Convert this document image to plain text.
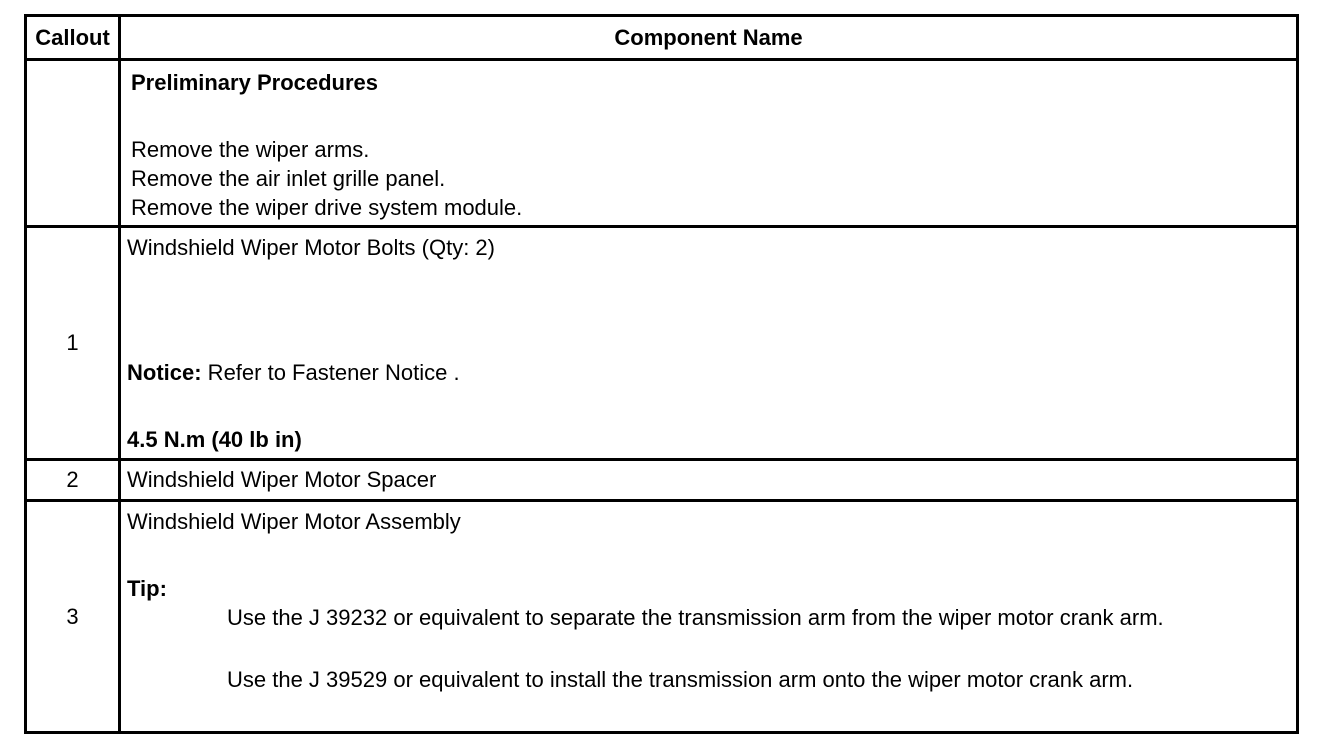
Callout	Component Name
Preliminary Procedures
Remove the wiper arms.
Remove the air inlet grille panel.
Remove the wiper drive system module.
1
Windshield Wiper Motor Bolts (Qty: 2)
Notice: Refer to Fastener Notice .
4.5 N.m (40 lb in)
2	Windshield Wiper Motor Spacer
3
Windshield Wiper Motor Assembly
Tip:
Use the J 39232 or equivalent to separate the transmission arm from the wiper motor crank arm.
Use the J 39529 or equivalent to install the transmission arm onto the wiper motor crank arm.
